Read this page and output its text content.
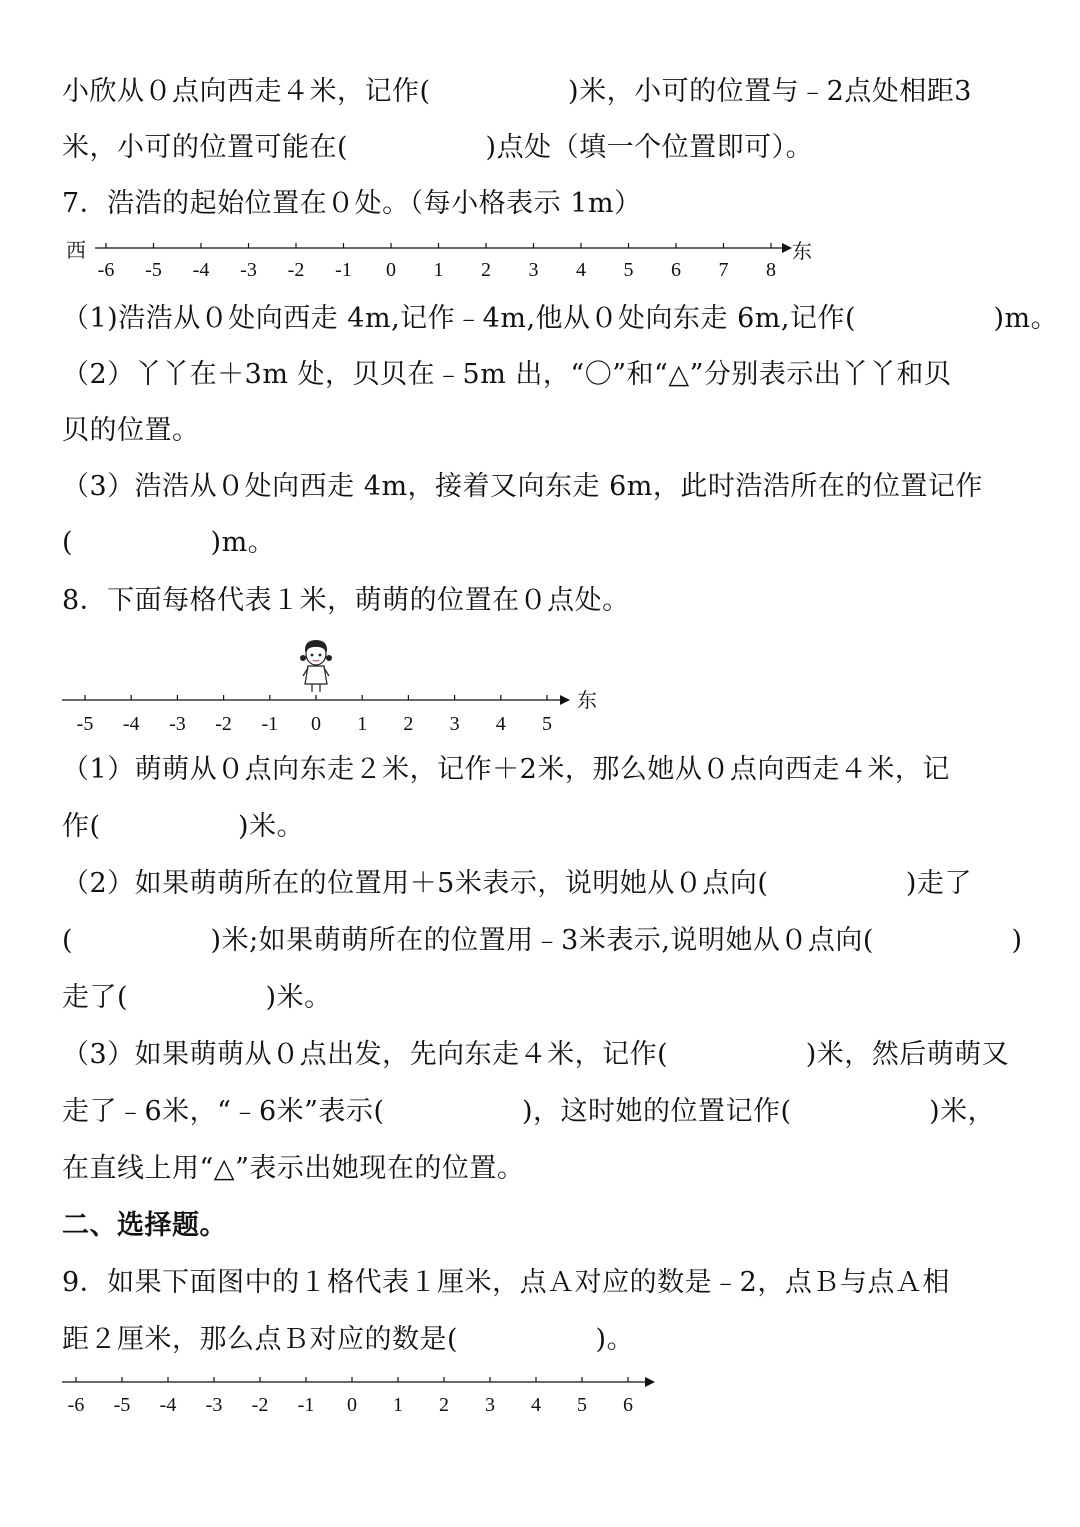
小欣从０点向西走４米，记作(　　　　　)米，小可的位置与﹣2点处相距3
米，小可的位置可能在(　　　　　)点处（填一个位置即可）。
7．浩浩的起始位置在０处。（每小格表示 1m）
西	东
-6 -5 -4 -3 -2 -1 0 1 2 3 4 5 6 7 8
（1)浩浩从０处向西走 4m,记作﹣4m,他从０处向东走 6m,记作(　　　　　)m。
（2）丫丫在＋3m 处，贝贝在﹣5m 出，“〇”和“△”分别表示出丫丫和贝
贝的位置。
（3）浩浩从０处向西走 4m，接着又向东走 6m，此时浩浩所在的位置记作
(　　　　　)m。
8．下面每格代表１米，萌萌的位置在０点处。
东
-5 -4 -3 -2 -1 0 1 2 3 4 5
（1）萌萌从０点向东走２米，记作＋2米，那么她从０点向西走４米，记
作(　　　　　)米。
（2）如果萌萌所在的位置用＋5米表示，说明她从０点向(　　　　　)走了
(　　　　　)米;如果萌萌所在的位置用﹣3米表示,说明她从０点向(　　　　　)
走了(　　　　　)米。
（3）如果萌萌从０点出发，先向东走４米，记作(　　　　　)米，然后萌萌又
走了﹣6米，“﹣6米”表示(　　　　　)，这时她的位置记作(　　　　　)米，
在直线上用“△”表示出她现在的位置。
二、选择题。
9．如果下面图中的１格代表１厘米，点Ａ对应的数是﹣2，点Ｂ与点Ａ相
距２厘米，那么点Ｂ对应的数是(　　　　　)。
-6 -5 -4 -3 -2 -1 0 1 2 3 4 5 6
